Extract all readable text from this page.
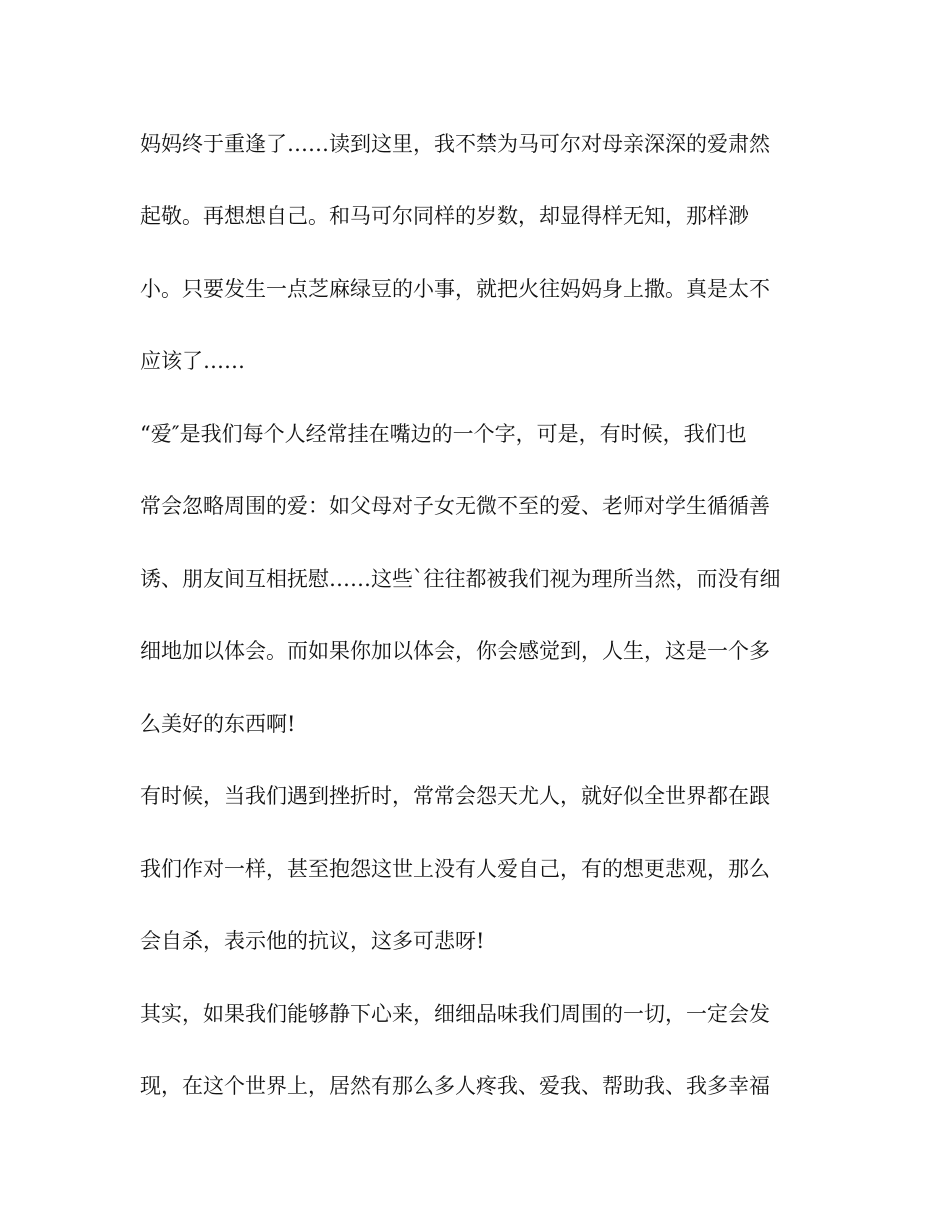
妈妈终于重逢了……读到这里，我不禁为马可尔对母亲深深的爱肃然

起敬。再想想自己。和马可尔同样的岁数，却显得样无知，那样渺

小。只要发生一点芝麻绿豆的小事，就把火往妈妈身上撒。真是太不

应该了……

“爱″是我们每个人经常挂在嘴边的一个字，可是，有时候，我们也

常会忽略周围的爱：如父母对子女无微不至的爱、老师对学生循循善

诱、朋友间互相抚慰……这些`往往都被我们视为理所当然，而没有细

细地加以体会。而如果你加以体会，你会感觉到，人生，这是一个多

么美好的东西啊!

有时候，当我们遇到挫折时，常常会怨天尤人，就好似全世界都在跟

我们作对一样，甚至抱怨这世上没有人爱自己，有的想更悲观，那么

会自杀，表示他的抗议，这多可悲呀!

其实，如果我们能够静下心来，细细品味我们周围的一切，一定会发

现，在这个世界上，居然有那么多人疼我、爱我、帮助我、我多幸福
